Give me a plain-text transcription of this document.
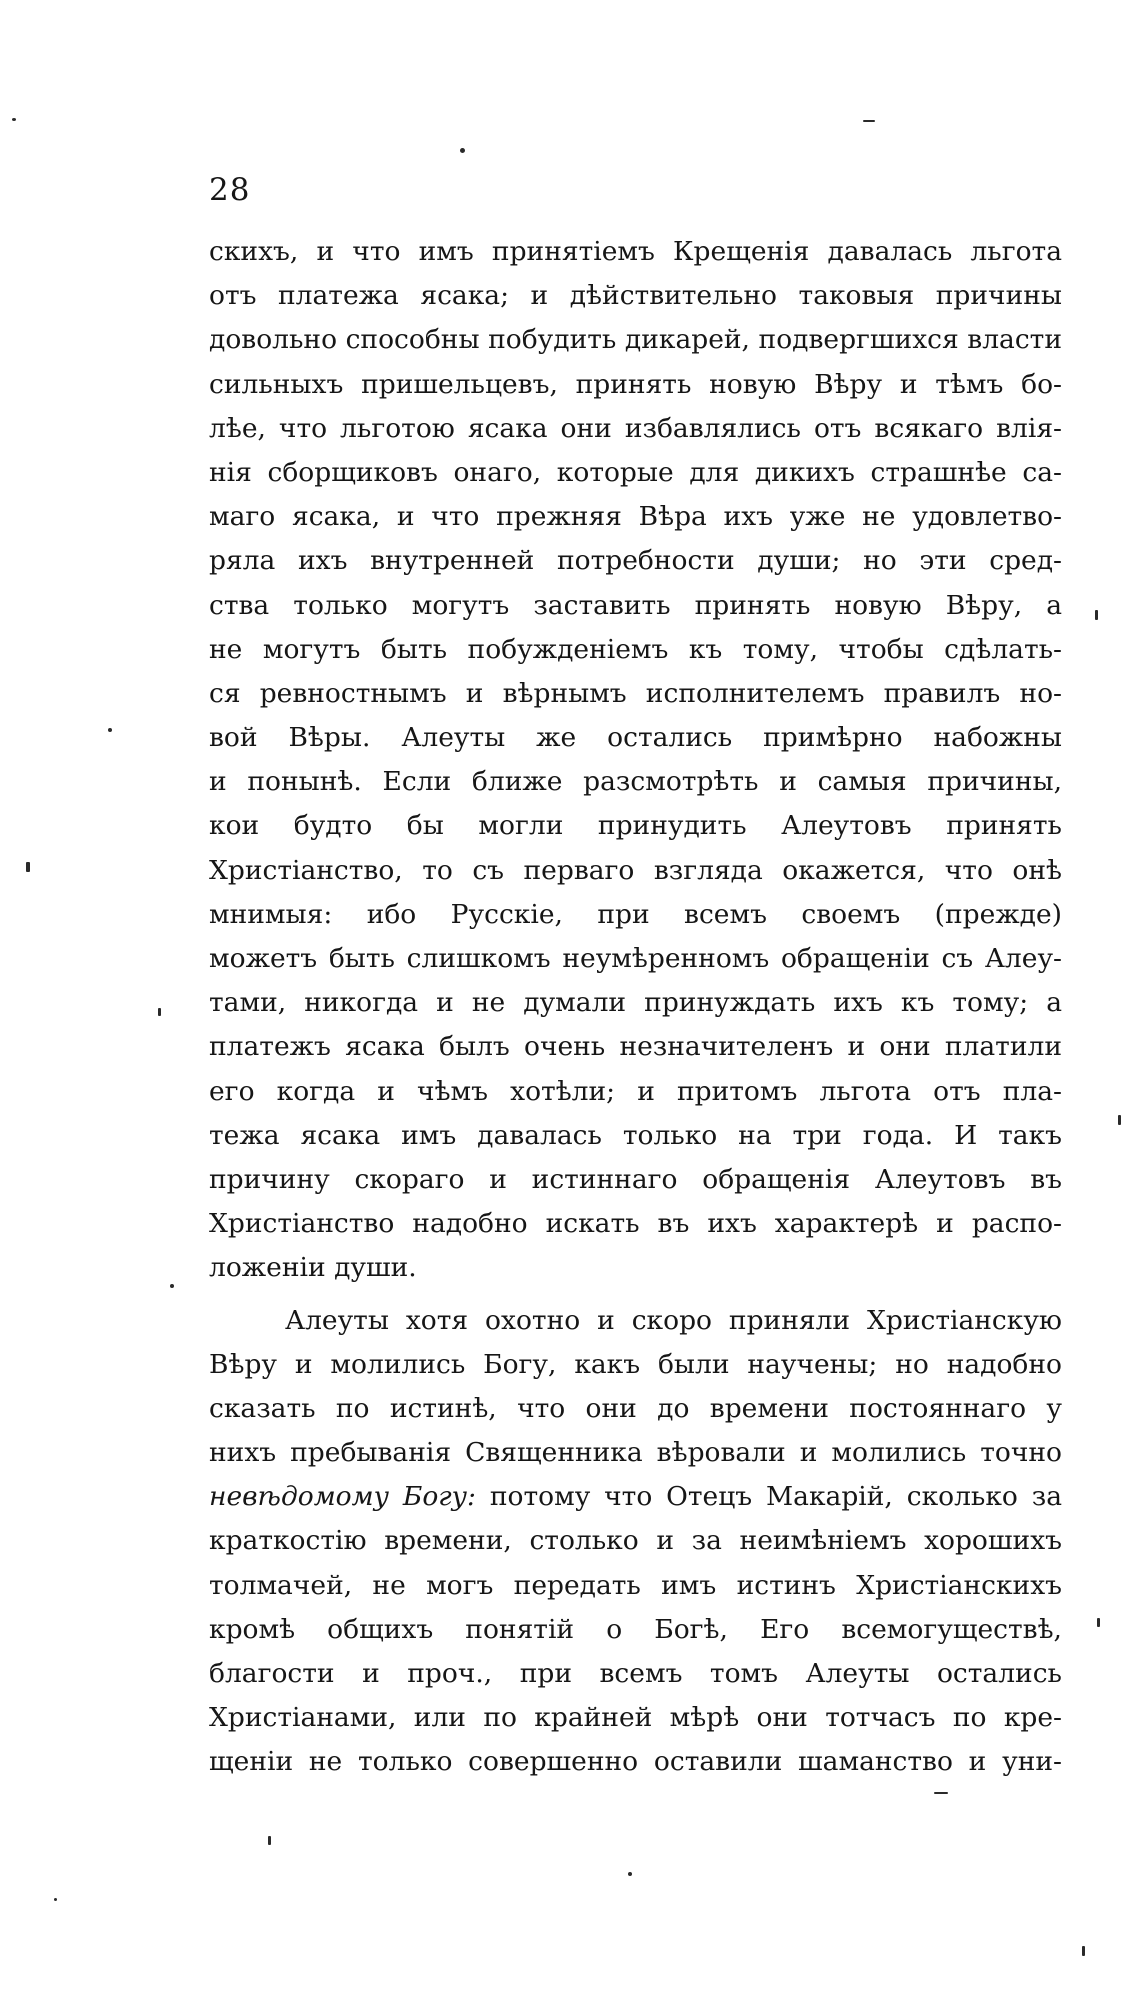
28
скихъ, и что имъ принятіемъ Крещенія давалась льгота
отъ платежа ясака; и дѣйствительно таковыя причины
довольно способны побудить дикарей, подвергшихся власти
сильныхъ пришельцевъ, принять новую Вѣру и тѣмъ бо-
лѣе, что льготою ясака они избавлялись отъ всякаго влія-
нія сборщиковъ онаго, которые для дикихъ страшнѣе са-
маго ясака, и что прежняя Вѣра ихъ уже не удовлетво-
ряла ихъ внутренней потребности души; но эти сред-
ства только могутъ заставить принять новую Вѣру, а
не могутъ быть побужденіемъ къ тому, чтобы сдѣлать-
ся ревностнымъ и вѣрнымъ исполнителемъ правилъ но-
вой Вѣры. Алеуты же остались примѣрно набожны
и понынѣ. Если ближе разсмотрѣть и самыя причины,
кои будто бы могли принудить Алеутовъ принять
Христіанство, то съ перваго взгляда окажется, что онѣ
мнимыя: ибо Русскіе, при всемъ своемъ (прежде)
можетъ быть слишкомъ неумѣренномъ обращеніи съ Алеу-
тами, никогда и не думали принуждать ихъ къ тому; а
платежъ ясака былъ очень незначителенъ и они платили
его когда и чѣмъ хотѣли; и притомъ льгота отъ пла-
тежа ясака имъ давалась только на три года. И такъ
причину скораго и истиннаго обращенія Алеутовъ въ
Христіанство надобно искать въ ихъ характерѣ и распо-
ложеніи души.
Алеуты хотя охотно и скоро приняли Христіанскую
Вѣру и молились Богу, какъ были научены; но надобно
сказать по истинѣ, что они до времени постояннаго у
нихъ пребыванія Священника вѣровали и молились точно
невѣдомому Богу: потому что Отецъ Макарій, сколько за
краткостію времени, столько и за неимѣніемъ хорошихъ
толмачей, не могъ передать имъ истинъ Христіанскихъ
кромѣ общихъ понятій о Богѣ, Его всемогуществѣ,
благости и проч., при всемъ томъ Алеуты остались
Христіанами, или по крайней мѣрѣ они тотчасъ по кре-
щеніи не только совершенно оставили шаманство и уни-
